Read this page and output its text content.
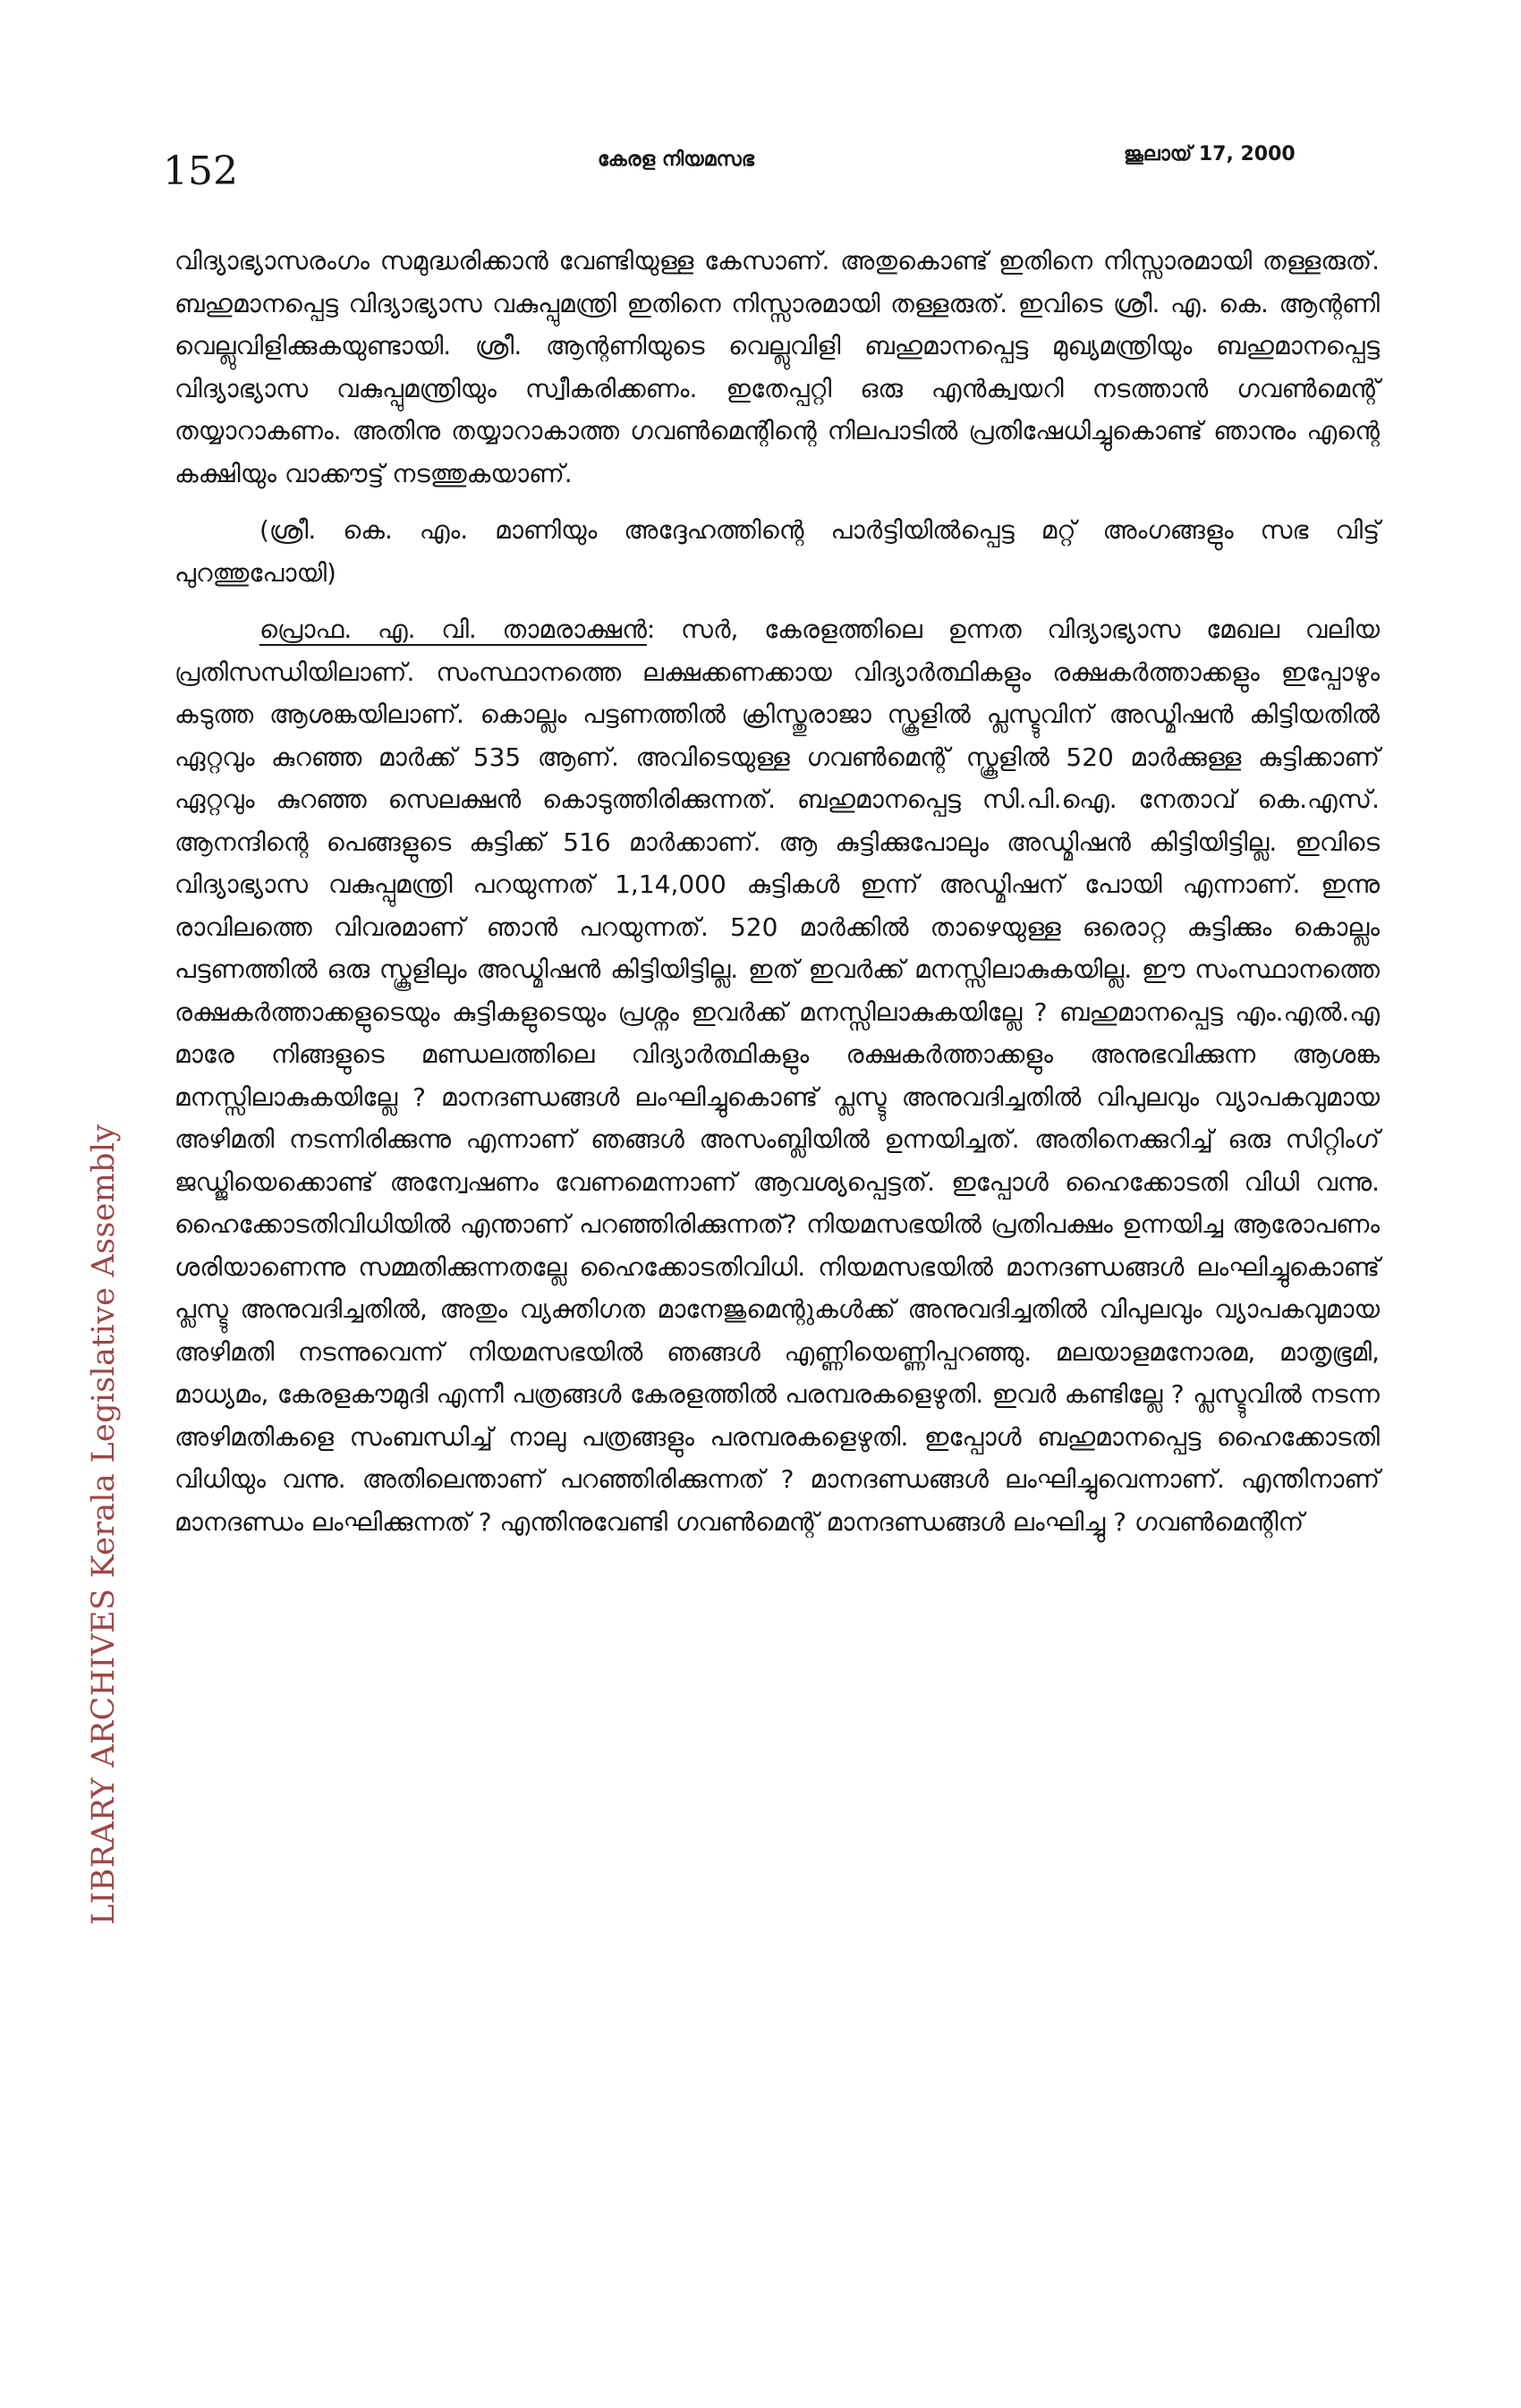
152	കേരള നിയമസഭ	ജൂലായ് 17, 2000
LIBRARY ARCHIVES Kerala Legislative Assembly

വിദ്യാഭ്യാസരംഗം സമുദ്ധരിക്കാൻ വേണ്ടിയുള്ള കേസാണ്. അതുകൊണ്ട് ഇതിനെ നിസ്സാരമായി തള്ളരുത്. ബഹുമാനപ്പെട്ട വിദ്യാഭ്യാസ വകുപ്പുമന്ത്രി ഇതിനെ നിസ്സാരമായി തള്ളരുത്. ഇവിടെ ശ്രീ. എ. കെ. ആന്റണി വെല്ലുവിളിക്കുകയുണ്ടായി. ശ്രീ. ആന്റണിയുടെ വെല്ലുവിളി ബഹുമാനപ്പെട്ട മുഖ്യമന്ത്രിയും ബഹുമാനപ്പെട്ട വിദ്യാഭ്യാസ വകുപ്പുമന്ത്രിയും സ്വീകരിക്കണം. ഇതേപ്പറ്റി ഒരു എൻക്വയറി നടത്താൻ ഗവൺമെന്റ് തയ്യാറാകണം. അതിനു തയ്യാറാകാത്ത ഗവൺമെന്റിന്റെ നിലപാടിൽ പ്രതിഷേധിച്ചുകൊണ്ട് ഞാനും എന്റെ കക്ഷിയും വാക്കൗട്ട് നടത്തുകയാണ്.

(ശ്രീ. കെ. എം. മാണിയും അദ്ദേഹത്തിന്റെ പാർട്ടിയിൽപ്പെട്ട മറ്റ് അംഗങ്ങളും സഭ വിട്ട് പുറത്തുപോയി)

പ്രൊഫ. എ. വി. താമരാക്ഷൻ: സർ, കേരളത്തിലെ ഉന്നത വിദ്യാഭ്യാസ മേഖല വലിയ പ്രതിസന്ധിയിലാണ്. സംസ്ഥാനത്തെ ലക്ഷക്കണക്കായ വിദ്യാർത്ഥികളും രക്ഷകർത്താക്കളും ഇപ്പോഴും കടുത്ത ആശങ്കയിലാണ്. കൊല്ലം പട്ടണത്തിൽ ക്രിസ്തുരാജാ സ്കൂളിൽ പ്ലസ്ടുവിന് അഡ്മിഷൻ കിട്ടിയതിൽ ഏറ്റവും കുറഞ്ഞ മാർക്ക് 535 ആണ്. അവിടെയുള്ള ഗവൺമെന്റ് സ്കൂളിൽ 520 മാർക്കുള്ള കുട്ടിക്കാണ് ഏറ്റവും കുറഞ്ഞ സെലക്ഷൻ കൊടുത്തിരിക്കുന്നത്. ബഹുമാനപ്പെട്ട സി.പി.ഐ. നേതാവ് കെ.എസ്. ആനന്ദിന്റെ പെങ്ങളുടെ കുട്ടിക്ക് 516 മാർക്കാണ്. ആ കുട്ടിക്കുപോലും അഡ്മിഷൻ കിട്ടിയിട്ടില്ല. ഇവിടെ വിദ്യാഭ്യാസ വകുപ്പുമന്ത്രി പറയുന്നത് 1,14,000 കുട്ടികൾ ഇന്ന് അഡ്മിഷന് പോയി എന്നാണ്. ഇന്നു രാവിലത്തെ വിവരമാണ് ഞാൻ പറയുന്നത്. 520 മാർക്കിൽ താഴെയുള്ള ഒരൊറ്റ കുട്ടിക്കും കൊല്ലം പട്ടണത്തിൽ ഒരു സ്കൂളിലും അഡ്മിഷൻ കിട്ടിയിട്ടില്ല. ഇത് ഇവർക്ക് മനസ്സിലാകുകയില്ല. ഈ സംസ്ഥാനത്തെ രക്ഷകർത്താക്കളുടെയും കുട്ടികളുടെയും പ്രശ്നം ഇവർക്ക് മനസ്സിലാകുകയില്ലേ ? ബഹുമാനപ്പെട്ട എം.എൽ.എ മാരേ നിങ്ങളുടെ മണ്ഡലത്തിലെ വിദ്യാർത്ഥികളും രക്ഷകർത്താക്കളും അനുഭവിക്കുന്ന ആശങ്ക മനസ്സിലാകുകയില്ലേ ? മാനദണ്ഡങ്ങൾ ലംഘിച്ചുകൊണ്ട് പ്ലസ്ടു അനുവദിച്ചതിൽ വിപുലവും വ്യാപകവുമായ അഴിമതി നടന്നിരിക്കുന്നു എന്നാണ് ഞങ്ങൾ അസംബ്ലിയിൽ ഉന്നയിച്ചത്. അതിനെക്കുറിച്ച് ഒരു സിറ്റിംഗ് ജഡ്ജിയെക്കൊണ്ട് അന്വേഷണം വേണമെന്നാണ് ആവശ്യപ്പെട്ടത്. ഇപ്പോൾ ഹൈക്കോടതി വിധി വന്നു. ഹൈക്കോടതിവിധിയിൽ എന്താണ് പറഞ്ഞിരിക്കുന്നത്? നിയമസഭയിൽ പ്രതിപക്ഷം ഉന്നയിച്ച ആരോപണം ശരിയാണെന്നു സമ്മതിക്കുന്നതല്ലേ ഹൈക്കോടതിവിധി. നിയമസഭയിൽ മാനദണ്ഡങ്ങൾ ലംഘിച്ചുകൊണ്ട് പ്ലസ്ടു അനുവദിച്ചതിൽ, അതും വ്യക്തിഗത മാനേജുമെന്റുകൾക്ക് അനുവദിച്ചതിൽ വിപുലവും വ്യാപകവുമായ അഴിമതി നടന്നുവെന്ന് നിയമസഭയിൽ ഞങ്ങൾ എണ്ണിയെണ്ണിപ്പറഞ്ഞു. മലയാളമനോരമ, മാതൃഭൂമി, മാധ്യമം, കേരളകൗമുദി എന്നീ പത്രങ്ങൾ കേരളത്തിൽ പരമ്പരകളെഴുതി. ഇവർ കണ്ടില്ലേ ? പ്ലസ്ടുവിൽ നടന്ന അഴിമതികളെ സംബന്ധിച്ച് നാലു പത്രങ്ങളും പരമ്പരകളെഴുതി. ഇപ്പോൾ ബഹുമാനപ്പെട്ട ഹൈക്കോടതി വിധിയും വന്നു. അതിലെന്താണ് പറഞ്ഞിരിക്കുന്നത് ? മാനദണ്ഡങ്ങൾ ലംഘിച്ചുവെന്നാണ്. എന്തിനാണ് മാനദണ്ഡം ലംഘിക്കുന്നത് ? എന്തിനുവേണ്ടി ഗവൺമെന്റ് മാനദണ്ഡങ്ങൾ ലംഘിച്ചു ? ഗവൺമെന്റിന്
